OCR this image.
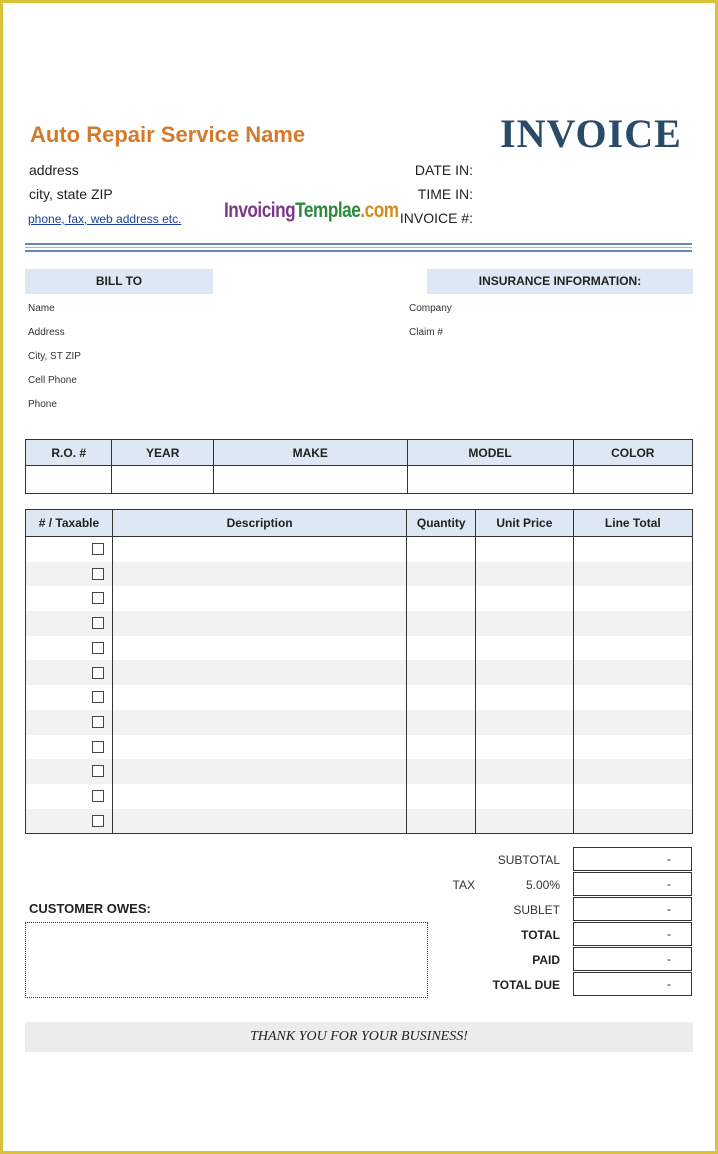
Auto Repair Service Name	INVOICE
address
city, state ZIP
phone, fax, web address etc. InvoicingTemplae.com
DATE IN:
TIME IN:
INVOICE #:
BILL TO	INSURANCE INFORMATION:
Name
Address
City, ST ZIP
Cell Phone
Phone
Company
Claim #
R.O. #	YEAR	MAKE	MODEL	COLOR

# / Taxable	Description	Quantity	Unit Price	Line Total

SUBTOTAL	-
TAX	5.00%	-
SUBLET	-
TOTAL	-
PAID	-
TOTAL DUE	-
CUSTOMER OWES:
THANK YOU FOR YOUR BUSINESS!
